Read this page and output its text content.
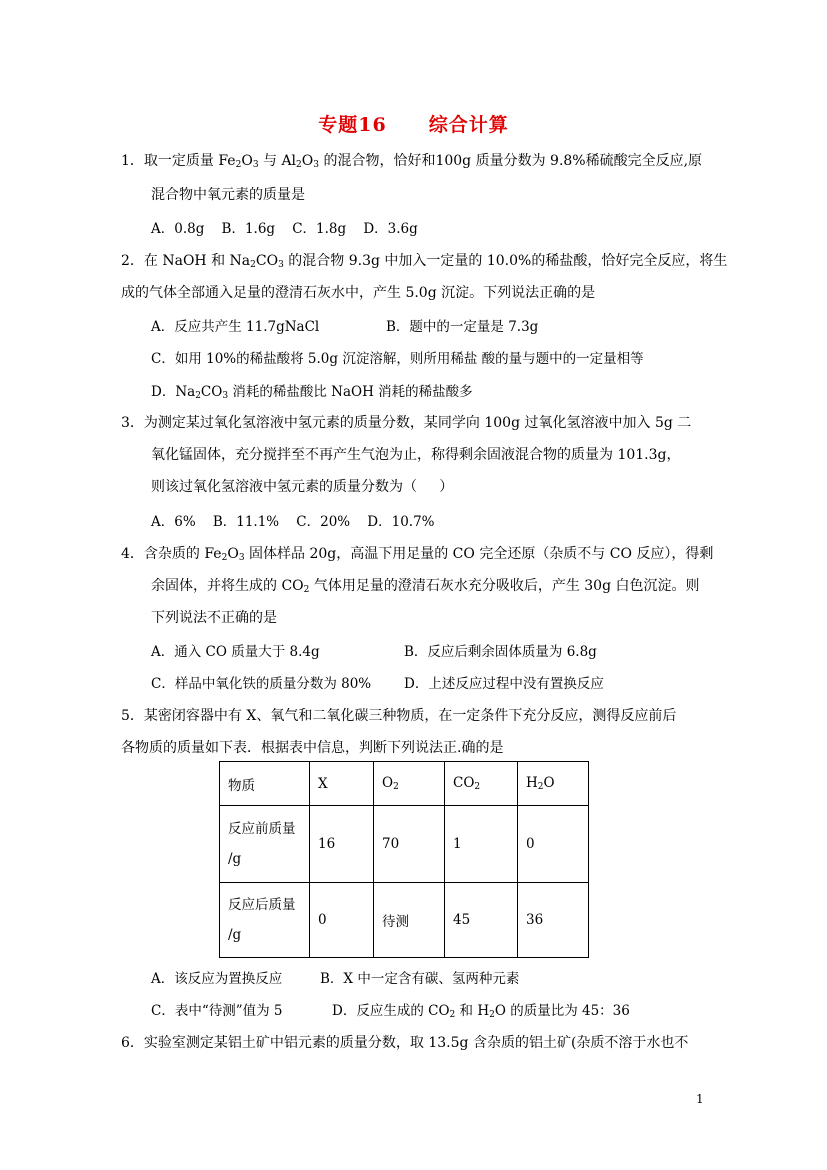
专题16 综合计算
1．取一定质量 $Fe_2O_3$ 与 $Al_2O_3$ 的混合物，恰好和100g 质量分数为 9.8%稀硫酸完全反应,原
混合物中氧元素的质量是
A．0.8g    B．1.6g    C．1.8g    D．3.6g
2．在 NaOH 和 $Na_2CO_3$ 的混合物 9.3g 中加入一定量的 10.0%的稀盐酸，恰好完全反应，将生
成的气体全部通入足量的澄清石灰水中，产生 5.0g 沉淀。下列说法正确的是
A．反应共产生 11.7gNaCl	B．题中的一定量是 7.3g
C．如用 10%的稀盐酸将 5.0g 沉淀溶解，则所用稀盐 酸的量与题中的一定量相等
D．$Na_2CO_3$ 消耗的稀盐酸比 NaOH 消耗的稀盐酸多
3．为测定某过氧化氢溶液中氢元素的质量分数，某同学向 100g 过氧化氢溶液中加入 5g 二
氧化锰固体，充分搅拌至不再产生气泡为止，称得剩余固液混合物的质量为 101.3g，
则该过氧化氢溶液中氢元素的质量分数为（     ）
A．6%    B．11.1%    C．20%    D．10.7%
4．含杂质的 $Fe_2O_3$ 固体样品 20g，高温下用足量的 CO 完全还原（杂质不与 CO 反应），得剩
余固体，并将生成的 $CO_2$ 气体用足量的澄清石灰水充分吸收后，产生 30g 白色沉淀。则
下列说法不正确的是
A．通入 CO 质量大于 8.4g	B．反应后剩余固体质量为 6.8g
C．样品中氧化铁的质量分数为 80% D．上述反应过程中没有置换反应
5．某密闭容器中有 X、氧气和二氧化碳三种物质，在一定条件下充分反应，测得反应前后
各物质的质量如下表．根据表中信息，判断下列说法正.确的是
物质	X	$O_2$	$CO_2$	$H_2O$
反应前质量
/g	16	70	1	0
反应后质量
/g	0	待测	45	36
A．该反应为置换反应	B．X 中一定含有碳、氢两种元素
C．表中“待测”值为 5	D．反应生成的 $CO_2$ 和 $H_2O$ 的质量比为 45：36
6．实验室测定某铝土矿中铝元素的质量分数，取 13.5g 含杂质的铝土矿(杂质不溶于水也不
1
